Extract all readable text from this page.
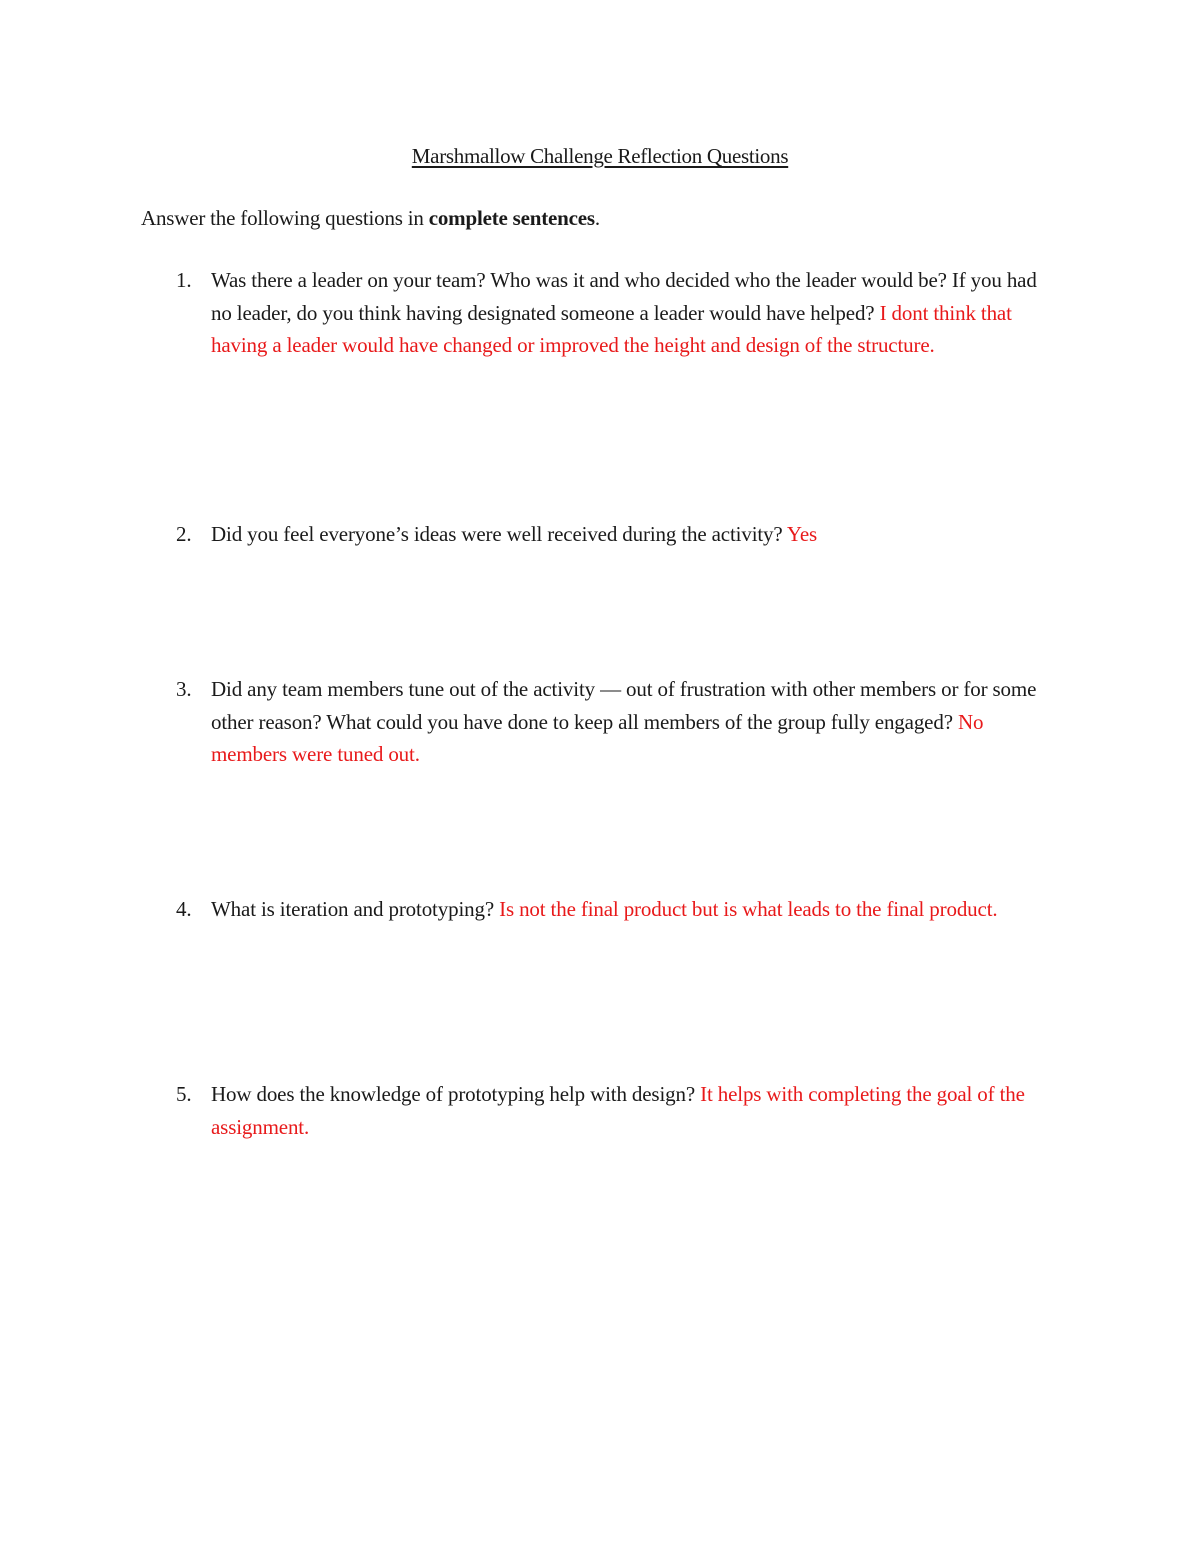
Marshmallow Challenge Reflection Questions
Answer the following questions in complete sentences.
1. Was there a leader on your team? Who was it and who decided who the leader would be? If you had no leader, do you think having designated someone a leader would have helped? I dont think that having a leader would have changed or improved the height and design of the structure.
2. Did you feel everyone’s ideas were well received during the activity? Yes
3. Did any team members tune out of the activity — out of frustration with other members or for some other reason? What could you have done to keep all members of the group fully engaged? No members were tuned out.
4. What is iteration and prototyping? Is not the final product but is what leads to the final product.
5. How does the knowledge of prototyping help with design? It helps with completing the goal of the assignment.
